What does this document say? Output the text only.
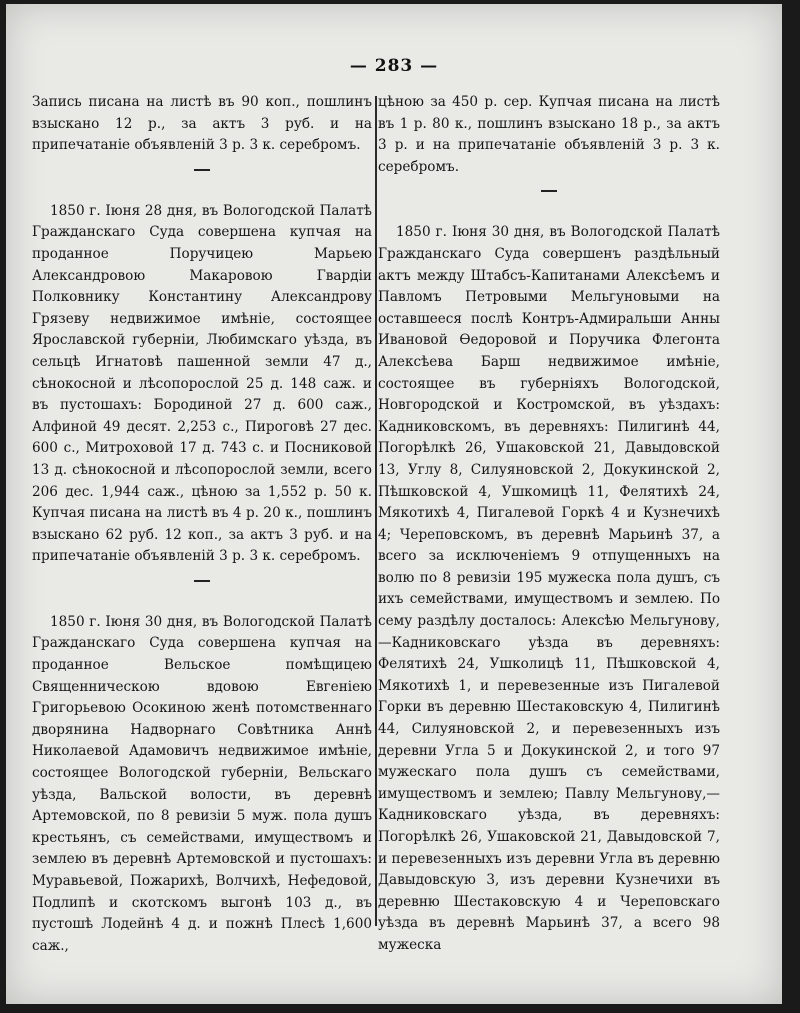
— 283 —

Запись писана на листѣ въ 90 коп., пошлинъ взыскано 12 р., за актъ 3 руб. и на припечатаніе объявленій 3 р. 3 к. серебромъ.

1850 г. Іюня 28 дня, въ Вологодской Палатѣ Гражданскаго Суда совершена купчая на проданное Поручицею Марьею Александровою Макаровою Гвардіи Полковнику Константину Александрову Грязеву недвижимое имѣніе, состоящее Ярославской губерніи, Любимскаго уѣзда, въ сельцѣ Игнатовѣ пашенной земли 47 д., сѣнокосной и лѣсопорослой 25 д. 148 саж. и въ пустошахъ: Бородиной 27 д. 600 саж., Алфиной 49 десят. 2,253 с., Пироговѣ 27 дес. 600 с., Митроховой 17 д. 743 с. и Посниковой 13 д. сѣнокосной и лѣсопорослой земли, всего 206 дес. 1,944 саж., цѣною за 1,552 р. 50 к. Купчая писана на листѣ въ 4 р. 20 к., пошлинъ взыскано 62 руб. 12 коп., за актъ 3 руб. и на припечатаніе объявленій 3 р. 3 к. серебромъ.

1850 г. Іюня 30 дня, въ Вологодской Палатѣ Гражданскаго Суда совершена купчая на проданное Вельское помѣщицею Священническою вдовою Евгеніею Григорьевою Осокиною женѣ потомственнаго дворянина Надворнаго Совѣтника Аннѣ Николаевой Адамовичъ недвижимое имѣніе, состоящее Вологодской губерніи, Вельскаго уѣзда, Вальской волости, въ деревнѣ Артемовской, по 8 ревизіи 5 муж. пола душъ крестьянъ, съ семействами, имуществомъ и землею въ деревнѣ Артемовской и пустошахъ: Муравьевой, Пожарихѣ, Волчихѣ, Нефедовой, Подлипѣ и скотскомъ выгонѣ 103 д., въ пустошѣ Лодейнѣ 4 д. и пожнѣ Плесѣ 1,600 саж.,

цѣною за 450 р. сер. Купчая писана на листѣ въ 1 р. 80 к., пошлинъ взыскано 18 р., за актъ 3 р. и на припечатаніе объявленій 3 р. 3 к. серебромъ.

1850 г. Іюня 30 дня, въ Вологодской Палатѣ Гражданскаго Суда совершенъ раздѣльный актъ между Штабсъ-Капитанами Алексѣемъ и Павломъ Петровыми Мельгуновыми на оставшееся послѣ Контръ-Адмиральши Анны Ивановой Ѳедоровой и Поручика Флегонта Алексѣева Барш недвижимое имѣніе, состоящее въ губерніяхъ Вологодской, Новгородской и Костромской, въ уѣздахъ: Кадниковскомъ, въ деревняхъ: Пилигинѣ 44, Погорѣлкѣ 26, Ушаковской 21, Давыдовской 13, Углу 8, Силуяновской 2, Докукинской 2, Пѣшковской 4, Ушкомицѣ 11, Фелятихѣ 24, Мякотихѣ 4, Пигалевой Горкѣ 4 и Кузнечихѣ 4; Череповскомъ, въ деревнѣ Марьинѣ 37, а всего за исключеніемъ 9 отпущенныхъ на волю по 8 ревизіи 195 мужеска пола душъ, съ ихъ семействами, имуществомъ и землею. По сему раздѣлу досталось: Алексѣю Мельгунову,—Кадниковскаго уѣзда въ деревняхъ: Фелятихѣ 24, Ушколицѣ 11, Пѣшковской 4, Мякотихѣ 1, и перевезенные изъ Пигалевой Горки въ деревню Шестаковскую 4, Пилигинѣ 44, Силуяновской 2, и перевезенныхъ изъ деревни Угла 5 и Докукинской 2, и того 97 мужескаго пола душъ съ семействами, имуществомъ и землею; Павлу Мельгунову,—Кадниковскаго уѣзда, въ деревняхъ: Погорѣлкѣ 26, Ушаковской 21, Давыдовской 7, и перевезенныхъ изъ деревни Угла въ деревню Давыдовскую 3, изъ деревни Кузнечихи въ деревню Шестаковскую 4 и Череповскаго уѣзда въ деревнѣ Марьинѣ 37, а всего 98 мужеска
